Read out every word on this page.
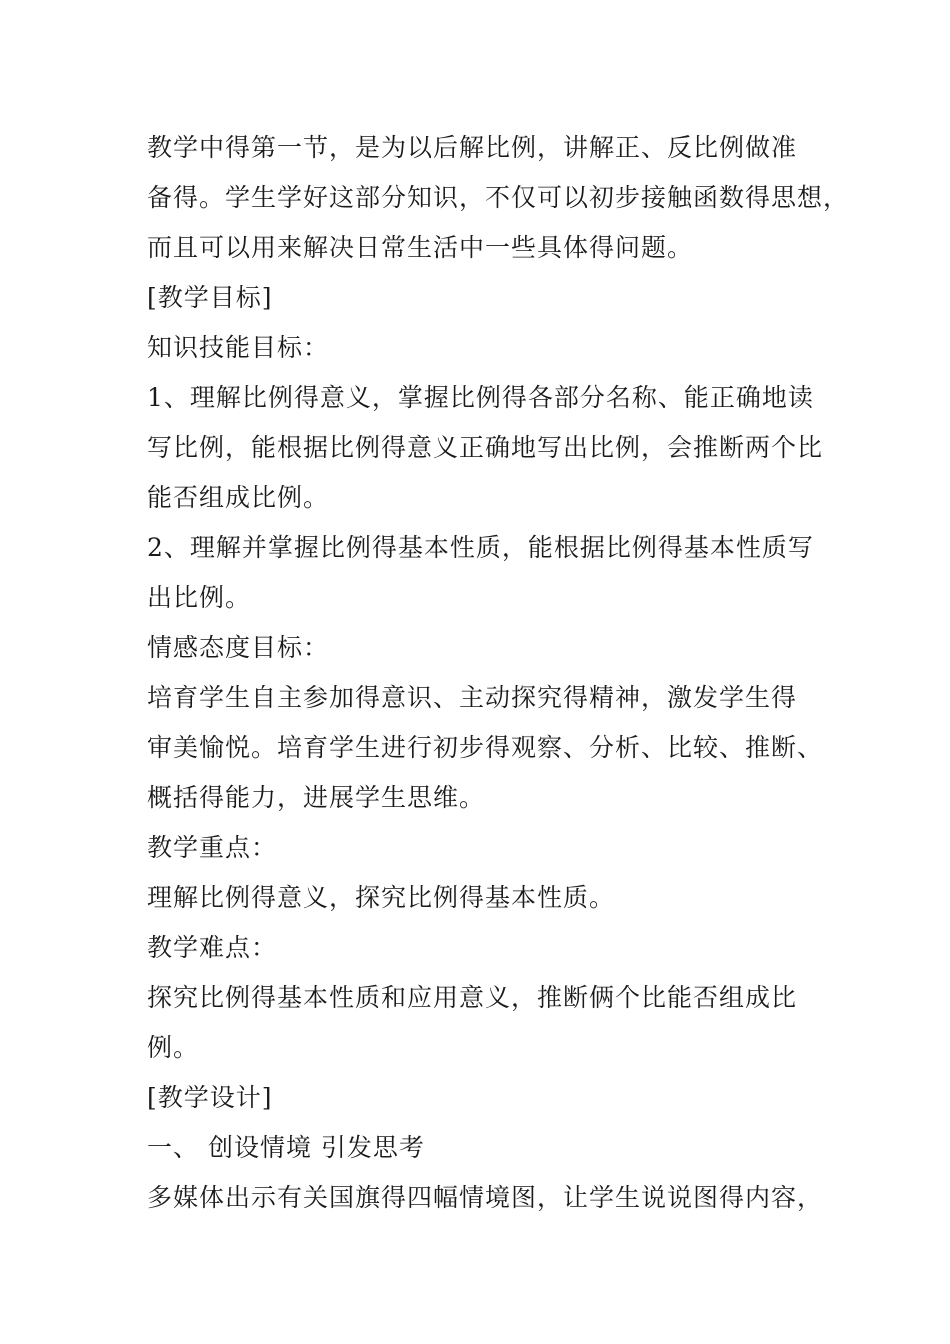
教学中得第一节，是为以后解比例，讲解正、反比例做准
备得。学生学好这部分知识，不仅可以初步接触函数得思想，
而且可以用来解决日常生活中一些具体得问题。
[教学目标]
知识技能目标：
1、理解比例得意义，掌握比例得各部分名称、能正确地读
写比例，能根据比例得意义正确地写出比例，会推断两个比
能否组成比例。
2、理解并掌握比例得基本性质，能根据比例得基本性质写
出比例。
情感态度目标：
培育学生自主参加得意识、主动探究得精神，激发学生得
审美愉悦。培育学生进行初步得观察、分析、比较、推断、
概括得能力，进展学生思维。
教学重点：
理解比例得意义，探究比例得基本性质。
教学难点：
探究比例得基本性质和应用意义，推断俩个比能否组成比
例。
[教学设计]
一、 创设情境 引发思考
多媒体出示有关国旗得四幅情境图，让学生说说图得内容，
